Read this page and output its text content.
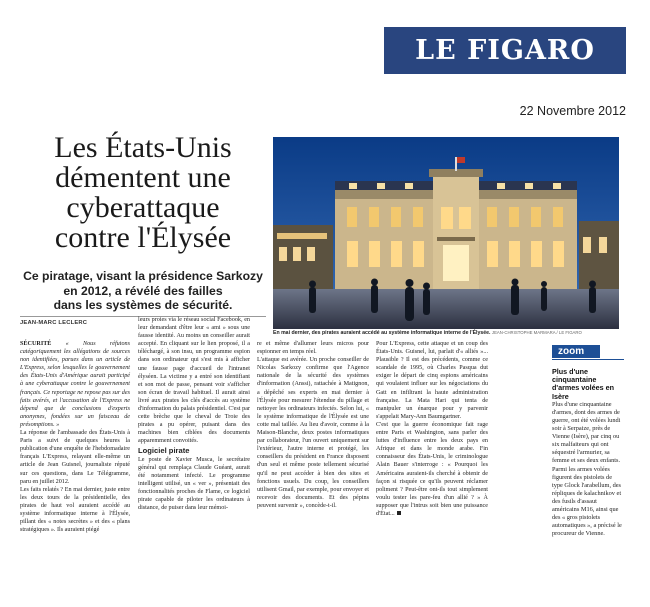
LE FIGARO
22 Novembre 2012
Les États-Unis
démentent une
cyberattaque
contre l'Élysée
Ce piratage, visant la présidence Sarkozy
en 2012, a révélé des failles
dans les systèmes de sécurité.
JEAN-MARC LECLERC
En mai dernier, des pirates auraient accédé au système informatique interne de l'Élysée. JEAN-CHRISTOPHE MARMARA / LE FIGARO

SÉCURITÉ « Nous réfutons catégoriquement les allégations de sources non identifiées, parues dans un article de L'Express, selon lesquelles le gouvernement des États-Unis d'Amérique aurait participé à une cyberattaque contre le gouvernement français. Ce reportage ne repose pas sur des faits avérés, et l'accusation de l'Express ne dépend que de conclusions d'experts anonymes, fondées sur un faisceau de présomptions. »

La réponse de l'ambassade des États-Unis à Paris a suivi de quelques heures la publication d'une enquête de l'hebdomadaire français L'Express, relayant elle-même un article de Jean Guisnel, journaliste réputé sur ces questions, dans Le Télégramme, paru en juillet 2012.

Les faits relatés ? En mai dernier, juste entre les deux tours de la présidentielle, des pirates de haut vol auraient accédé au système informatique interne à l'Élysée, pillant des « notes secrètes » et des « plans stratégiques ». Ils auraient piégé

leurs proies via le réseau social Facebook, en leur demandant d'être leur « ami » sous une fausse identité. Au moins un conseiller aurait accepté. En cliquant sur le lien proposé, il a téléchargé, à son insu, un programme espion dans son ordinateur qui s'est mis à afficher une fausse page d'accueil de l'intranet élyséen. La victime y a entré son identifiant et son mot de passe, pensant voir s'afficher son écran de travail habituel. Il aurait ainsi livré aux pirates les clés d'accès au système d'information du palais présidentiel. C'est par cette brèche que le cheval de Troie des pirates a pu opérer, puisant dans des machines bien ciblées des documents apparemment convoités.

Logiciel pirate

Le poste de Xavier Musca, le secrétaire général qui remplaça Claude Guéant, aurait été notamment infecté. Le programme intelligent utilisé, un « ver », présentait des fonctionnalités proches de Flame, ce logiciel pirate capable de piloter les ordinateurs à distance, de puiser dans leur mémoi-

re et même d'allumer leurs micros pour espionner en temps réel.

L'attaque est avérée. Un proche conseiller de Nicolas Sarkozy confirme que l'Agence nationale de la sécurité des systèmes d'information (Anssi), rattachée à Matignon, a dépêché ses experts en mai dernier à l'Élysée pour mesurer l'étendue du pillage et nettoyer les ordinateurs infectés. Selon lui, « le système informatique de l'Élysée est une cotte mal taillée. Au lieu d'avoir, comme à la Maison-Blanche, deux postes informatiques par collaborateur, l'un ouvert uniquement sur l'extérieur, l'autre interne et protégé, les conseillers du président en France disposent d'un seul et même poste tellement sécurisé qu'il ne peut accéder à bien des sites et fonctions usuels. Du coup, les conseillers utilisent Gmail, par exemple, pour envoyer et recevoir des documents. Et des pépins peuvent survenir », concède-t-il.

Pour L'Express, cette attaque et un coup des États-Unis. Guisnel, lui, parlait d'« alliés »... Plausible ? Il est des précédents, comme ce scandale de 1995, où Charles Pasqua dut exiger le départ de cinq espions américains qui voulaient influer sur les négociations du Gatt en infiltrant la haute administration française. La Mata Hari qui tenta de manipuler un énarque pour y parvenir s'appelait Mary-Ann Baumgartner.

C'est que la guerre économique fait rage entre Paris et Washington, sans parler des luttes d'influence entre les deux pays en Afrique et dans le monde arabe. Fin connaisseur des États-Unis, le criminologue Alain Bauer s'interroge : « Pourquoi les Américains auraient-ils cherché à obtenir de façon si risquée ce qu'ils peuvent réclamer poliment ? Peut-être ont-ils tout simplement voulu tester les pare-feu d'un allié ? » À supposer que l'intrus soit bien une puissance d'État...

zoom
Plus d'une cinquantaine d'armes volées en Isère

Plus d'une cinquantaine d'armes, dont des armes de guerre, ont été volées lundi soir à Serpaize, près de Vienne (Isère), par cinq ou six malfaiteurs qui ont séquestré l'armurier, sa femme et ses deux enfants. Parmi les armes volées figurent des pistolets de type Glock l'arabellum, des répliques de kalachnikov et des fusils d'assaut américains M16, ainsi que des « gros pistolets automatiques », a précisé le procureur de Vienne.
